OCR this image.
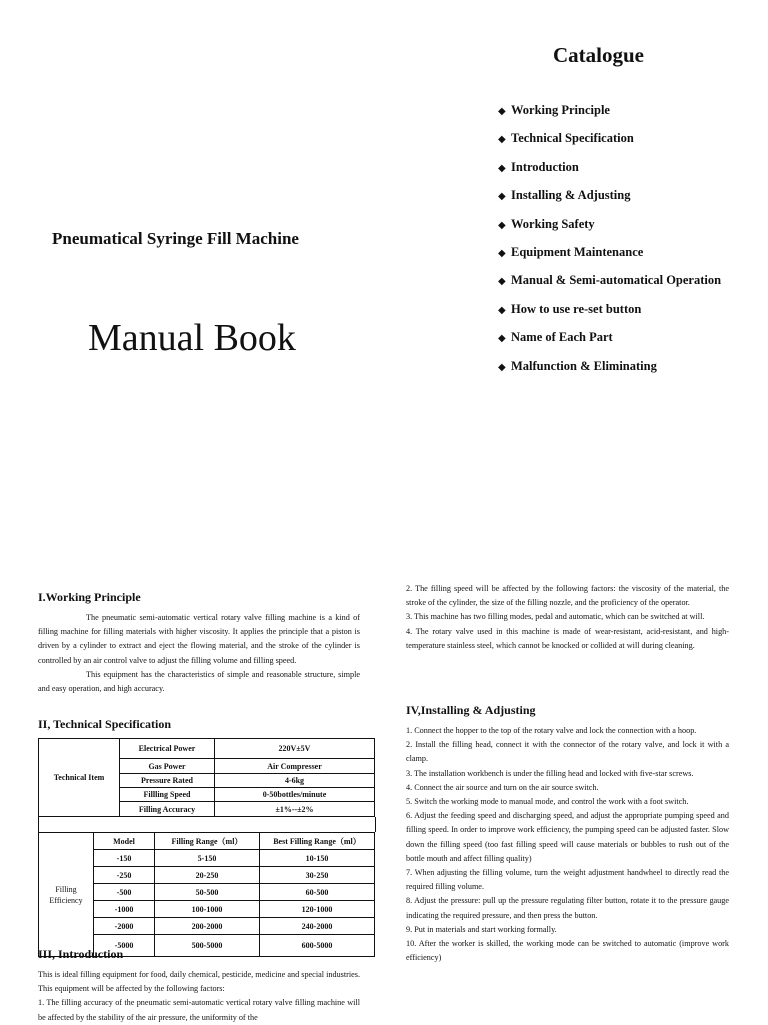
Pneumatical Syringe Fill Machine
Manual Book
Catalogue
◆ Working Principle
◆ Technical Specification
◆ Introduction
◆ Installing & Adjusting
◆ Working Safety
◆ Equipment Maintenance
◆ Manual & Semi-automatical Operation
◆ How to use re-set button
◆ Name of Each Part
◆ Malfunction & Eliminating
I.Working Principle

The pneumatic semi-automatic vertical rotary valve filling machine is a kind of filling machine for filling materials with higher viscosity. It applies the principle that a piston is driven by a cylinder to extract and eject the flowing material, and the stroke of the cylinder is controlled by an air control valve to adjust the filling volume and filling speed.

This equipment has the characteristics of simple and reasonable structure, simple and easy operation, and high accuracy.

II, Technical Specification
Technical Item	Electrical Power	220V±5V
	Gas Power	Air Compresser
	Pressure Rated	4-6kg
	Fillling Speed	0-50bottles/minute
	Filling Accuracy	±1%--±2%
Filling
Efficiency	Model	Filling Range（ml）	Best Filling Range（ml）
	-150	5-150	10-150
	-250	20-250	30-250
	-500	50-500	60-500
	-1000	100-1000	120-1000
	-2000	200-2000	240-2000
	-5000	500-5000	600-5000
III, Introduction

This is ideal filling equipment for food, daily chemical, pesticide, medicine and special industries. This equipment will be affected by the following factors:

1. The filling accuracy of the pneumatic semi-automatic vertical rotary valve filling machine will be affected by the stability of the air pressure, the uniformity of the

2. The filling speed will be affected by the following factors: the viscosity of the material, the stroke of the cylinder, the size of the filling nozzle, and the proficiency of the operator.

3. This machine has two filling modes, pedal and automatic, which can be switched at will.

4. The rotary valve used in this machine is made of wear-resistant, acid-resistant, and high-temperature stainless steel, which cannot be knocked or collided at will during cleaning.

IV,Installing & Adjusting

1. Connect the hopper to the top of the rotary valve and lock the connection with a hoop.

2. Install the filling head, connect it with the connector of the rotary valve, and lock it with a clamp.

3. The installation workbench is under the filling head and locked with five-star screws.

4. Connect the air source and turn on the air source switch.

5. Switch the working mode to manual mode, and control the work with a foot switch.

6. Adjust the feeding speed and discharging speed, and adjust the appropriate pumping speed and filling speed. In order to improve work efficiency, the pumping speed can be adjusted faster. Slow down the filling speed (too fast filling speed will cause materials or bubbles to rush out of the bottle mouth and affect filling quality)

7. When adjusting the filling volume, turn the weight adjustment handwheel to directly read the required filling volume.

8. Adjust the pressure: pull up the pressure regulating filter button, rotate it to the pressure gauge indicating the required pressure, and then press the button.

9. Put in materials and start working formally.

10. After the worker is skilled, the working mode can be switched to automatic (improve work efficiency)
